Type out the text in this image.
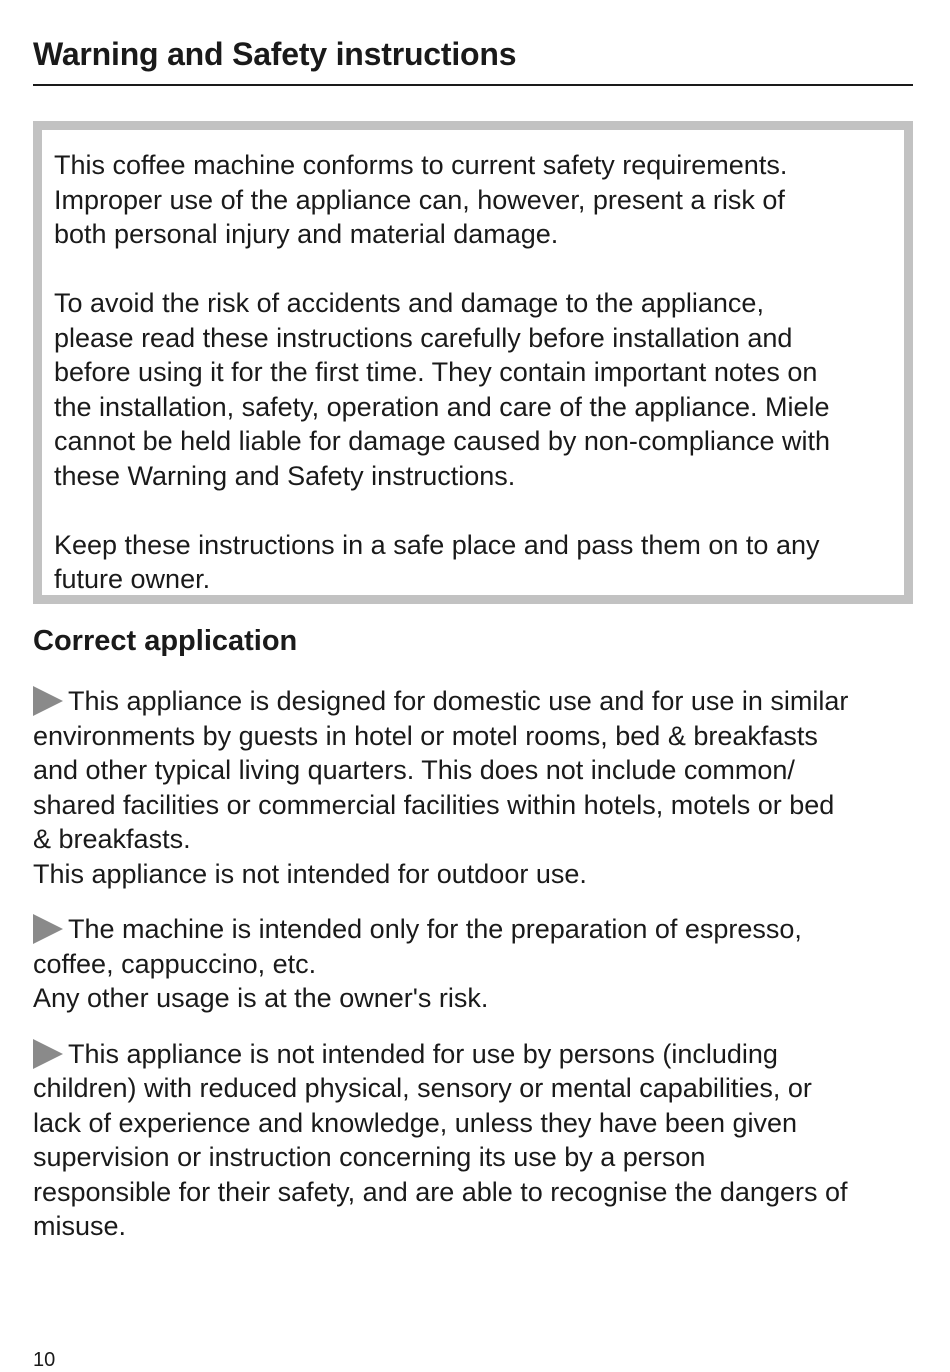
Warning and Safety instructions

This coffee machine conforms to current safety requirements.
Improper use of the appliance can, however, present a risk of
both personal injury and material damage.

To avoid the risk of accidents and damage to the appliance,
please read these instructions carefully before installation and
before using it for the first time. They contain important notes on
the installation, safety, operation and care of the appliance. Miele
cannot be held liable for damage caused by non-compliance with
these Warning and Safety instructions.

Keep these instructions in a safe place and pass them on to any
future owner.

Correct application

This appliance is designed for domestic use and for use in similar
environments by guests in hotel or motel rooms, bed & breakfasts
and other typical living quarters. This does not include common/
shared facilities or commercial facilities within hotels, motels or bed
& breakfasts.
This appliance is not intended for outdoor use.

The machine is intended only for the preparation of espresso,
coffee, cappuccino, etc.
Any other usage is at the owner's risk.

This appliance is not intended for use by persons (including
children) with reduced physical, sensory or mental capabilities, or
lack of experience and knowledge, unless they have been given
supervision or instruction concerning its use by a person
responsible for their safety, and are able to recognise the dangers of
misuse.

10
